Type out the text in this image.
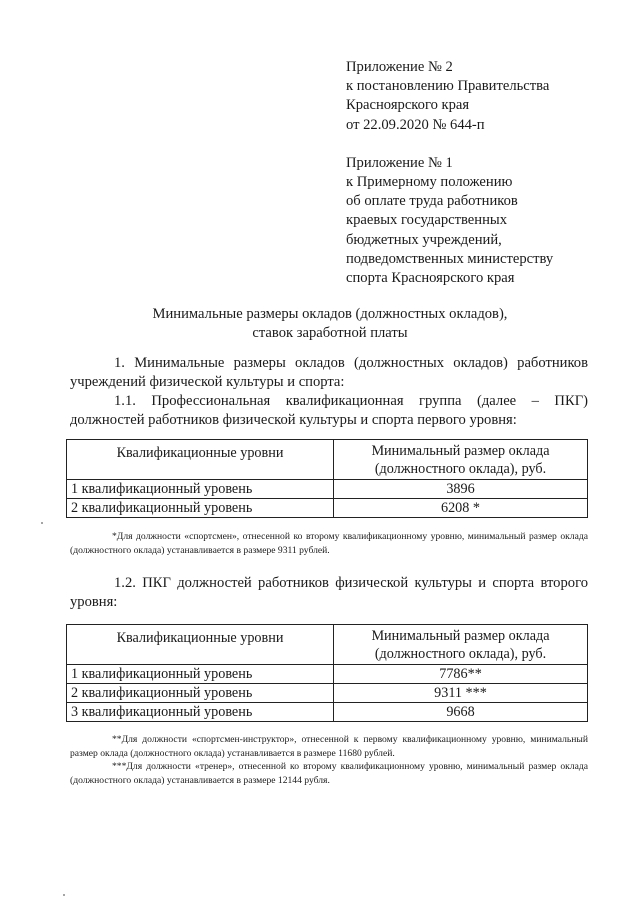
Приложение № 2
к постановлению Правительства
Красноярского края
от 22.09.2020 № 644-п
Приложение № 1
к Примерному положению
об оплате труда работников
краевых государственных
бюджетных учреждений,
подведомственных министерству
спорта Красноярского края
Минимальные размеры окладов (должностных окладов),
ставок заработной платы
1. Минимальные размеры окладов (должностных окладов) работников учреждений физической культуры и спорта:
1.1. Профессиональная квалификационная группа (далее – ПКГ) должностей работников физической культуры и спорта первого уровня:
Квалификационные уровни	Минимальный размер оклада (должностного оклада), руб.
1 квалификационный уровень	3896
2 квалификационный уровень	6208 *
*Для должности «спортсмен», отнесенной ко второму квалификационному уровню, минимальный размер оклада (должностного оклада) устанавливается в размере 9311 рублей.
1.2. ПКГ должностей работников физической культуры и спорта второго уровня:
Квалификационные уровни	Минимальный размер оклада (должностного оклада), руб.
1 квалификационный уровень	7786**
2 квалификационный уровень	9311 ***
3 квалификационный уровень	9668
**Для должности «спортсмен-инструктор», отнесенной к первому квалификационному уровню, минимальный размер оклада (должностного оклада) устанавливается в размере 11680 рублей.
***Для должности «тренер», отнесенной ко второму квалификационному уровню, минимальный размер оклада (должностного оклада) устанавливается в размере 12144 рубля.
